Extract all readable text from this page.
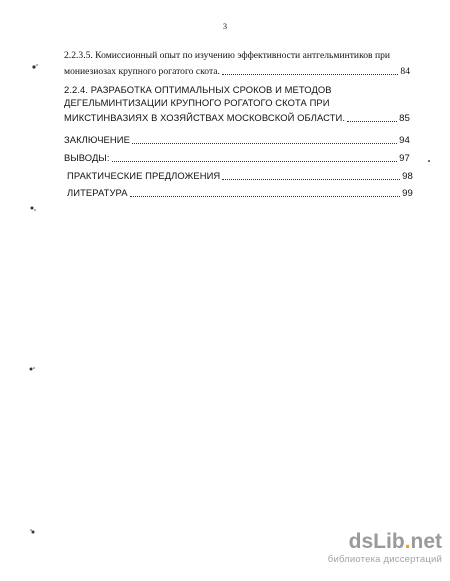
3
2.2.3.5. Комиссионный опыт по изучению эффективности антгельминтиков при
мониезиозах крупного рогатого скота.	84
2.2.4. РАЗРАБОТКА ОПТИМАЛЬНЫХ СРОКОВ И МЕТОДОВ
ДЕГЕЛЬМИНТИЗАЦИИ КРУПНОГО РОГАТОГО СКОТА ПРИ
МИКСТИНВАЗИЯХ В ХОЗЯЙСТВАХ МОСКОВСКОЙ ОБЛАСТИ.	85
ЗАКЛЮЧЕНИЕ	94
ВЫВОДЫ:	97
ПРАКТИЧЕСКИЕ ПРЕДЛОЖЕНИЯ	98
ЛИТЕРАТУРА	99
dsLib.net
библиотека диссертаций
